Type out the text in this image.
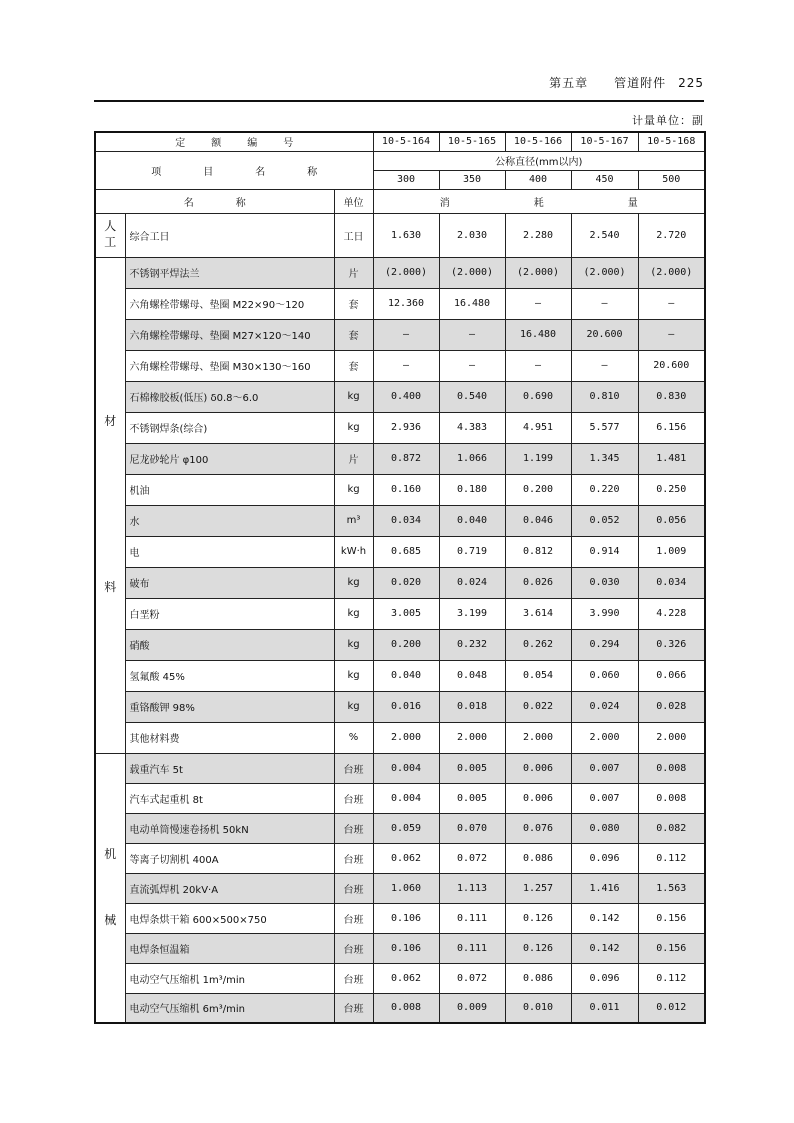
第五章 管道附件 225
计量单位：副
定 额 编 号			10-5-164	10-5-165	10-5-166	10-5-167	10-5-168
项 目 名 称			公称直径(mm以内)				
			300	350	400	450	500
名 称		单位	消 耗 量				

人
工	综合工日	工日	1.630	2.030	2.280	2.540	2.720

材
料	不锈钢平焊法兰	片	(2.000)	(2.000)	(2.000)	(2.000)	(2.000)
	六角螺栓带螺母、垫圈 M22×90～120	套	12.360	16.480	—	—	—
	六角螺栓带螺母、垫圈 M27×120～140	套	—	—	16.480	20.600	—
	六角螺栓带螺母、垫圈 M30×130～160	套	—	—	—	—	20.600
	石棉橡胶板(低压) δ0.8～6.0	kg	0.400	0.540	0.690	0.810	0.830
	不锈钢焊条(综合)	kg	2.936	4.383	4.951	5.577	6.156
	尼龙砂轮片 φ100	片	0.872	1.066	1.199	1.345	1.481
	机油	kg	0.160	0.180	0.200	0.220	0.250
	水	m³	0.034	0.040	0.046	0.052	0.056
	电	kW·h	0.685	0.719	0.812	0.914	1.009
	破布	kg	0.020	0.024	0.026	0.030	0.034
	白垩粉	kg	3.005	3.199	3.614	3.990	4.228
	硝酸	kg	0.200	0.232	0.262	0.294	0.326
	氢氟酸 45%	kg	0.040	0.048	0.054	0.060	0.066
	重铬酸钾 98%	kg	0.016	0.018	0.022	0.024	0.028
	其他材料费	%	2.000	2.000	2.000	2.000	2.000

机
械	载重汽车 5t	台班	0.004	0.005	0.006	0.007	0.008
	汽车式起重机 8t	台班	0.004	0.005	0.006	0.007	0.008
	电动单筒慢速卷扬机 50kN	台班	0.059	0.070	0.076	0.080	0.082
	等离子切割机 400A	台班	0.062	0.072	0.086	0.096	0.112
	直流弧焊机 20kV·A	台班	1.060	1.113	1.257	1.416	1.563
	电焊条烘干箱 600×500×750	台班	0.106	0.111	0.126	0.142	0.156
	电焊条恒温箱	台班	0.106	0.111	0.126	0.142	0.156
	电动空气压缩机 1m³/min	台班	0.062	0.072	0.086	0.096	0.112
	电动空气压缩机 6m³/min	台班	0.008	0.009	0.010	0.011	0.012
